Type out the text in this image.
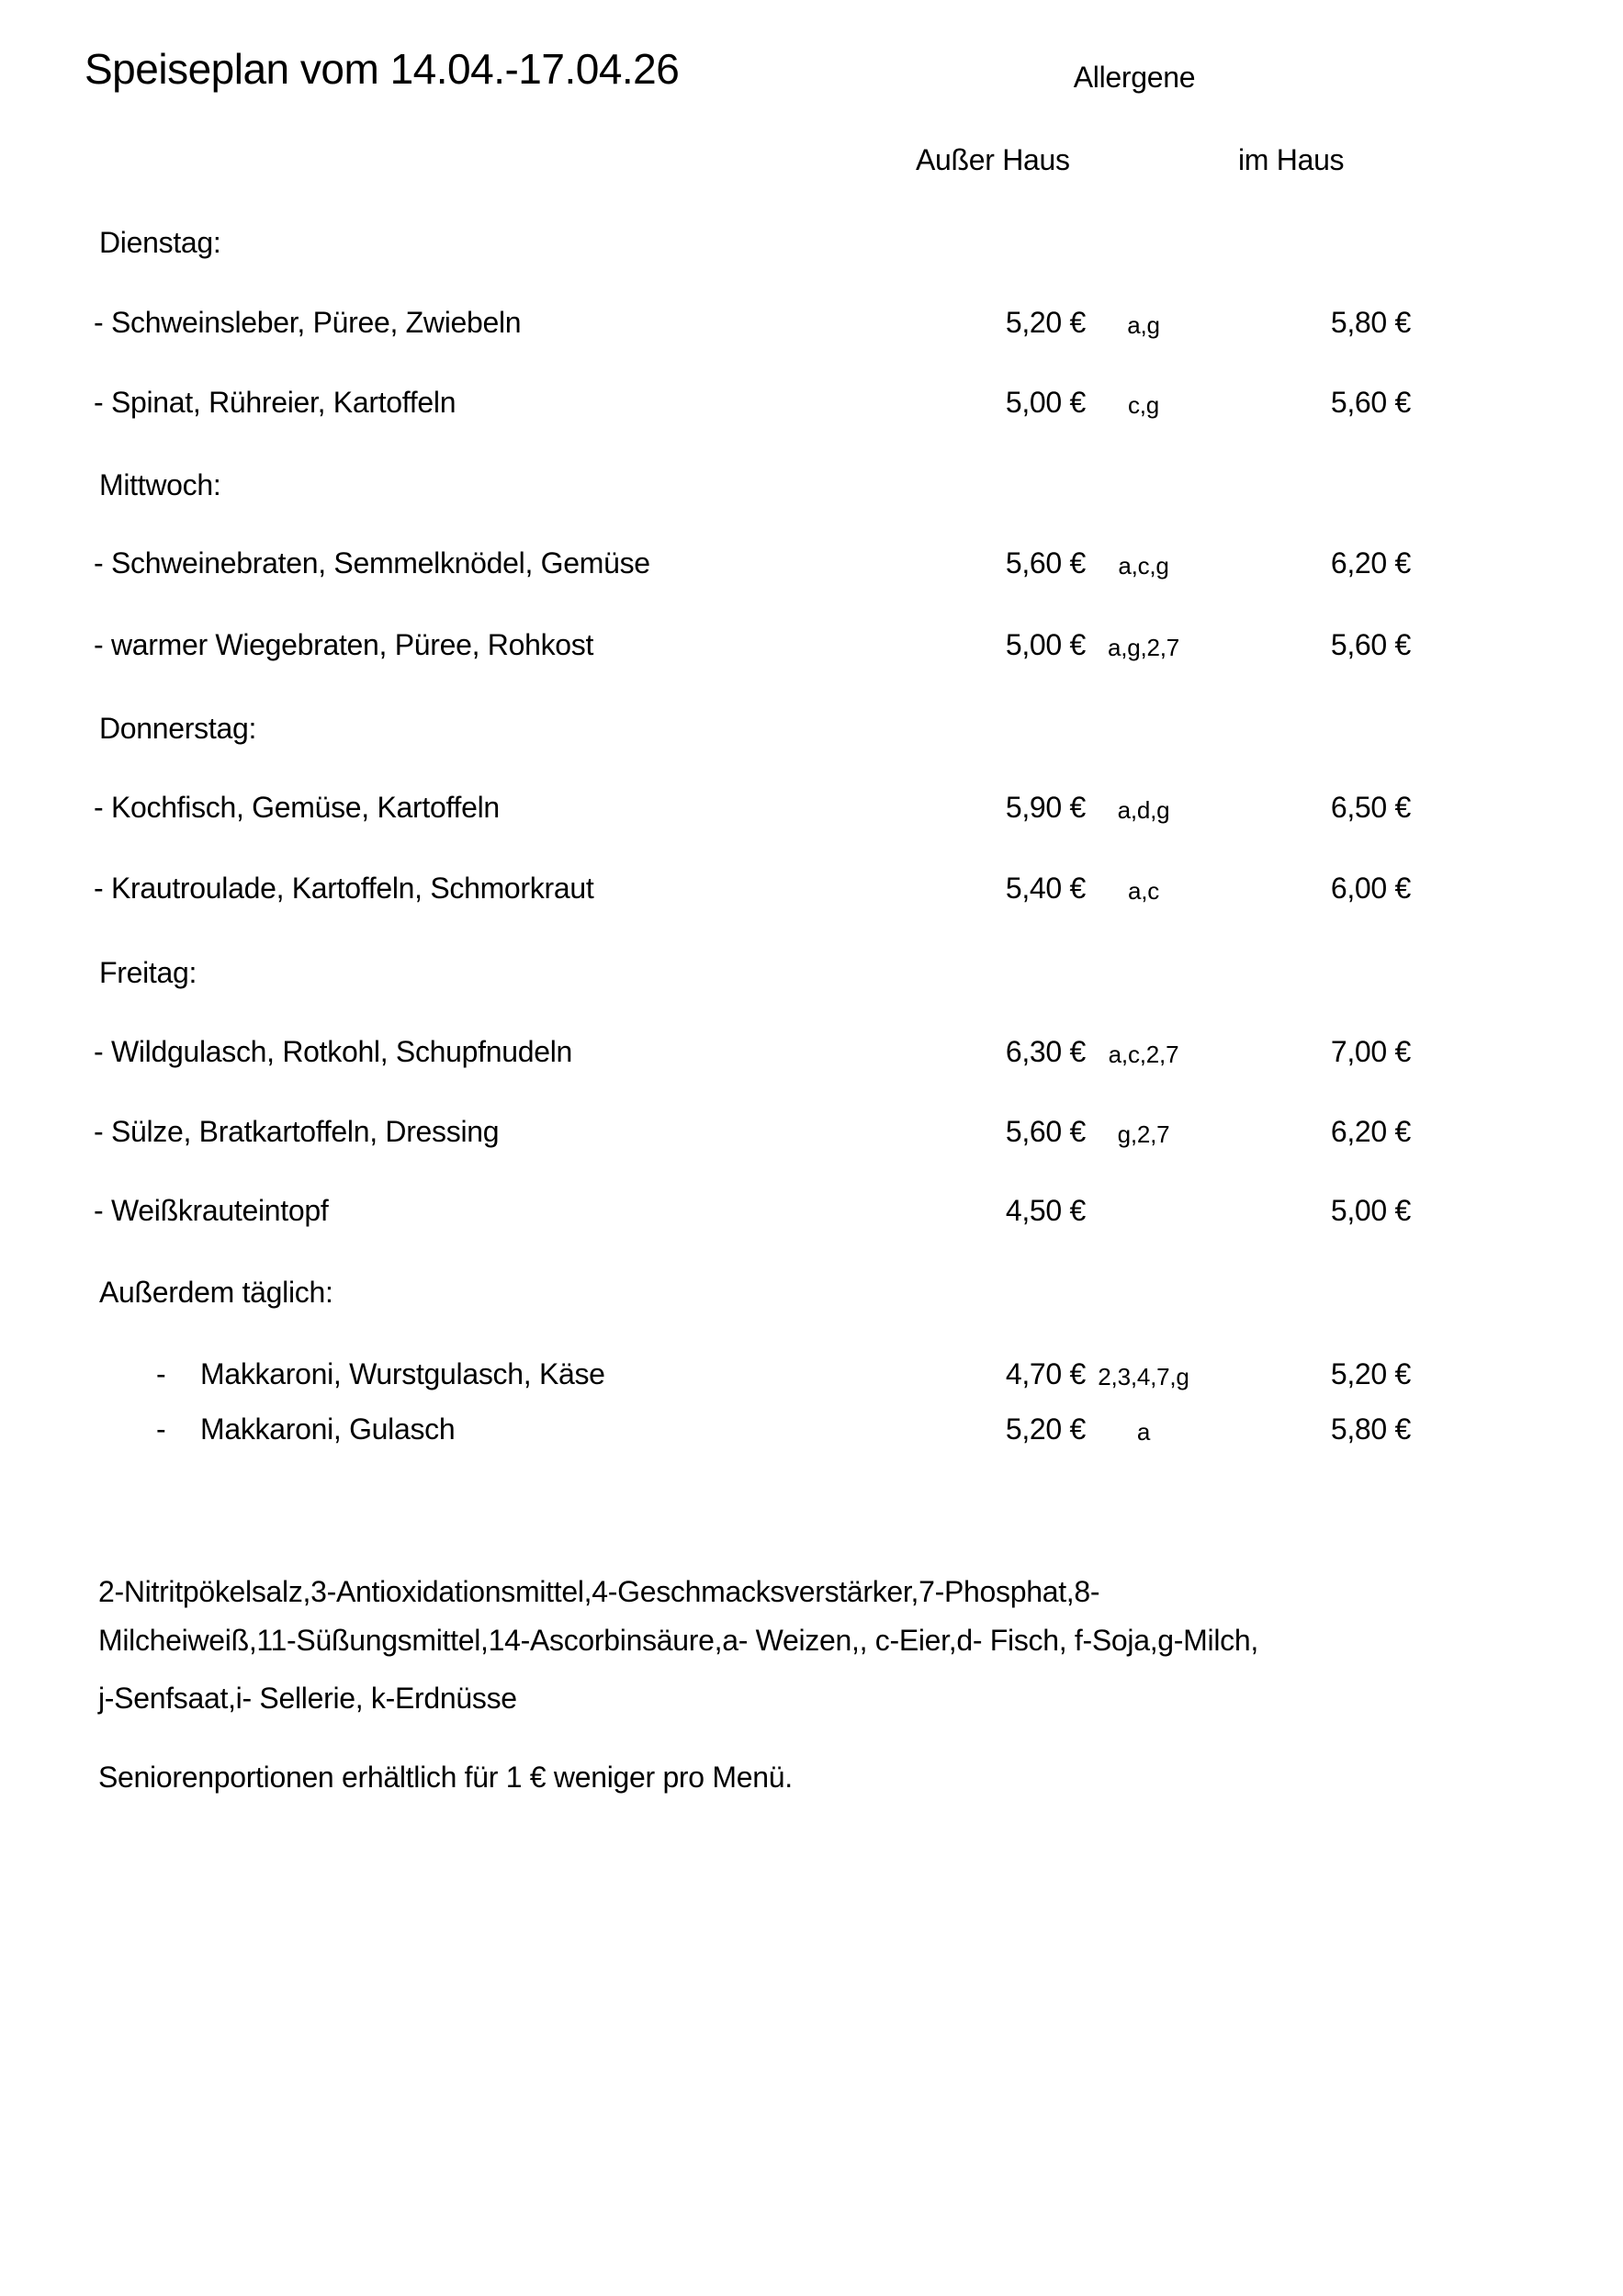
Speiseplan vom 14.04.-17.04.26	Allergene
Außer Haus	im Haus
Dienstag:
- Schweinsleber, Püree, Zwiebeln	5,20 €	a,g	5,80 €
- Spinat, Rühreier, Kartoffeln	5,00 €	c,g	5,60 €
Mittwoch:
- Schweinebraten, Semmelknödel, Gemüse	5,60 €	a,c,g	6,20 €
- warmer Wiegebraten, Püree, Rohkost	5,00 € a,g,2,7	5,60 €
Donnerstag:
- Kochfisch, Gemüse, Kartoffeln	5,90 €	a,d,g	6,50 €
- Krautroulade, Kartoffeln, Schmorkraut	5,40 €	a,c	6,00 €
Freitag:
- Wildgulasch, Rotkohl, Schupfnudeln	6,30 € a,c,2,7	7,00 €
- Sülze, Bratkartoffeln, Dressing	5,60 €	g,2,7	6,20 €
- Weißkrauteintopf	4,50 €	5,00 €
Außerdem täglich:
- Makkaroni, Wurstgulasch, Käse	4,70 € 2,3,4,7,g	5,20 €
- Makkaroni, Gulasch	5,20 €	a	5,80 €
2-Nitritpökelsalz,3-Antioxidationsmittel,4-Geschmacksverstärker,7-Phosphat,8-
Milcheiweiß,11-Süßungsmittel,14-Ascorbinsäure,a- Weizen,, c-Eier,d- Fisch, f-Soja,g-Milch,
j-Senfsaat,i- Sellerie, k-Erdnüsse
Seniorenportionen erhältlich für 1 € weniger pro Menü.
